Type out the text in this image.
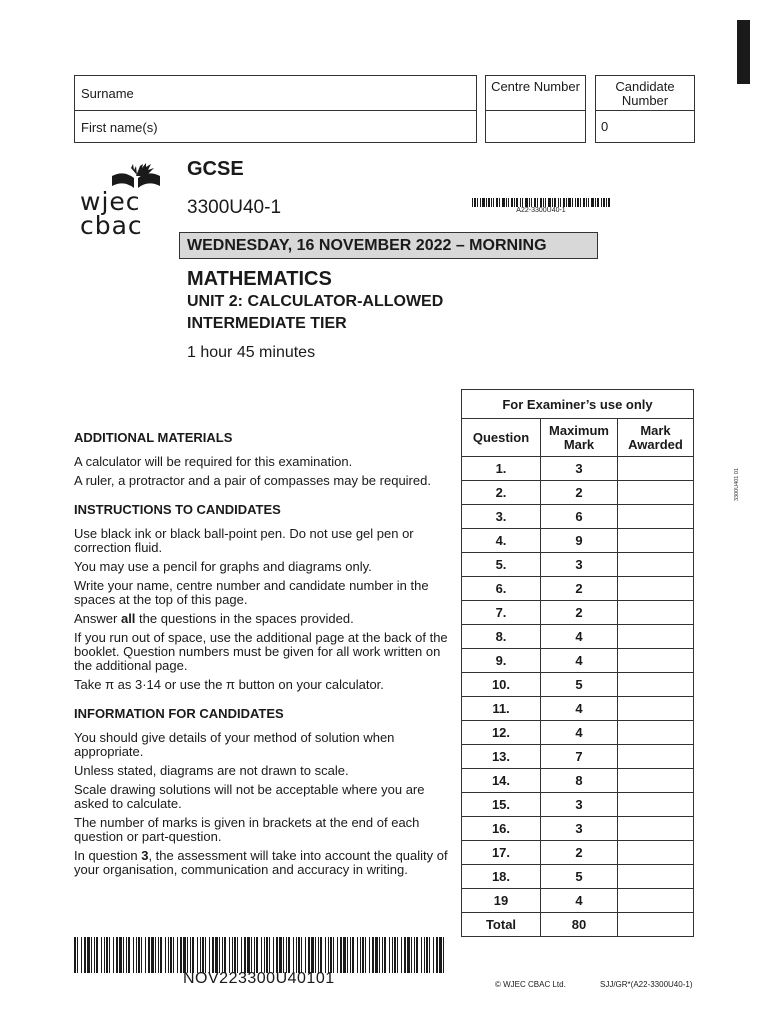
Surname
First name(s)
Centre Number	Candidate Number
0
wjec
cbac
GCSE
3300U40-1	A22-3300U40-1
WEDNESDAY, 16 NOVEMBER 2022 – MORNING
MATHEMATICS
UNIT 2: CALCULATOR-ALLOWED
INTERMEDIATE TIER
1 hour 45 minutes
3300U401 01
ADDITIONAL MATERIALS

A calculator will be required for this examination.

A ruler, a protractor and a pair of compasses may be required.

INSTRUCTIONS TO CANDIDATES

Use black ink or black ball-point pen. Do not use gel pen or correction fluid.

You may use a pencil for graphs and diagrams only.

Write your name, centre number and candidate number in the spaces at the top of this page.

Answer all the questions in the spaces provided.

If you run out of space, use the additional page at the back of the booklet. Question numbers must be given for all work written on the additional page.

Take π as 3·14 or use the π button on your calculator.

INFORMATION FOR CANDIDATES

You should give details of your method of solution when appropriate.

Unless stated, diagrams are not drawn to scale.

Scale drawing solutions will not be acceptable where you are asked to calculate.

The number of marks is given in brackets at the end of each question or part-question.

In question 3, the assessment will take into account the quality of your organisation, communication and accuracy in writing.

For Examiner’s use only		
Question	Maximum Mark	Mark Awarded
1.	3	
2.	2	
3.	6	
4.	9	
5.	3	
6.	2	
7.	2	
8.	4	
9.	4	
10.	5	
11.	4	
12.	4	
13.	7	
14.	8	
15.	3	
16.	3	
17.	2	
18.	5	
19	4	
Total	80	
NOV223300U40101	© WJEC CBAC Ltd.	SJJ/GR*(A22-3300U40-1)
